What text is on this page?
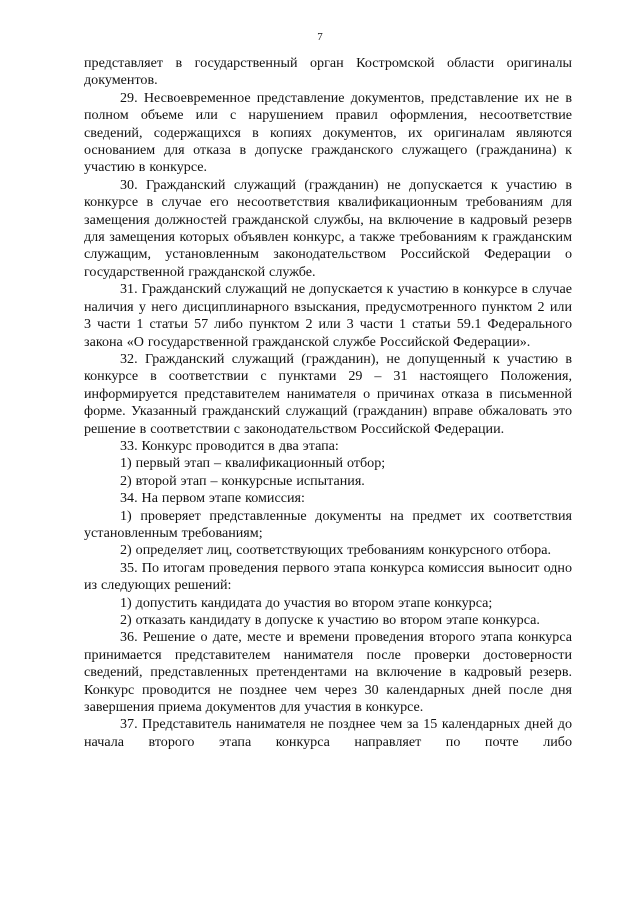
7

представляет в государственный орган Костромской области оригиналы документов.

29. Несвоевременное представление документов, представление их не в полном объеме или с нарушением правил оформления, несоответствие сведений, содержащихся в копиях документов, их оригиналам являются основанием для отказа в допуске гражданского служащего (гражданина) к участию в конкурсе.

30. Гражданский служащий (гражданин) не допускается к участию в конкурсе в случае его несоответствия квалификационным требованиям для замещения должностей гражданской службы, на включение в кадровый резерв для замещения которых объявлен конкурс, а также требованиям к гражданским служащим, установленным законодательством Российской Федерации о государственной гражданской службе.

31. Гражданский служащий не допускается к участию в конкурсе в случае наличия у него дисциплинарного взыскания, предусмотренного пунктом 2 или 3 части 1 статьи 57 либо пунктом 2 или 3 части 1 статьи 59.1 Федерального закона «О государственной гражданской службе Российской Федерации».

32. Гражданский служащий (гражданин), не допущенный к участию в конкурсе в соответствии с пунктами 29 – 31 настоящего Положения, информируется представителем нанимателя о причинах отказа в письменной форме. Указанный гражданский служащий (гражданин) вправе обжаловать это решение в соответствии с законодательством Российской Федерации.

33. Конкурс проводится в два этапа:

1) первый этап – квалификационный отбор;

2) второй этап – конкурсные испытания.

34. На первом этапе комиссия:

1) проверяет представленные документы на предмет их соответствия установленным требованиям;

2) определяет лиц, соответствующих требованиям конкурсного отбора.

35. По итогам проведения первого этапа конкурса комиссия выносит одно из следующих решений:

1) допустить кандидата до участия во втором этапе конкурса;

2) отказать кандидату в допуске к участию во втором этапе конкурса.

36. Решение о дате, месте и времени проведения второго этапа конкурса принимается представителем нанимателя после проверки достоверности сведений, представленных претендентами на включение в кадровый резерв. Конкурс проводится не позднее чем через 30 календарных дней после дня завершения приема документов для участия в конкурсе.

37. Представитель нанимателя не позднее чем за 15 календарных дней до начала второго этапа конкурса направляет по почте либо
